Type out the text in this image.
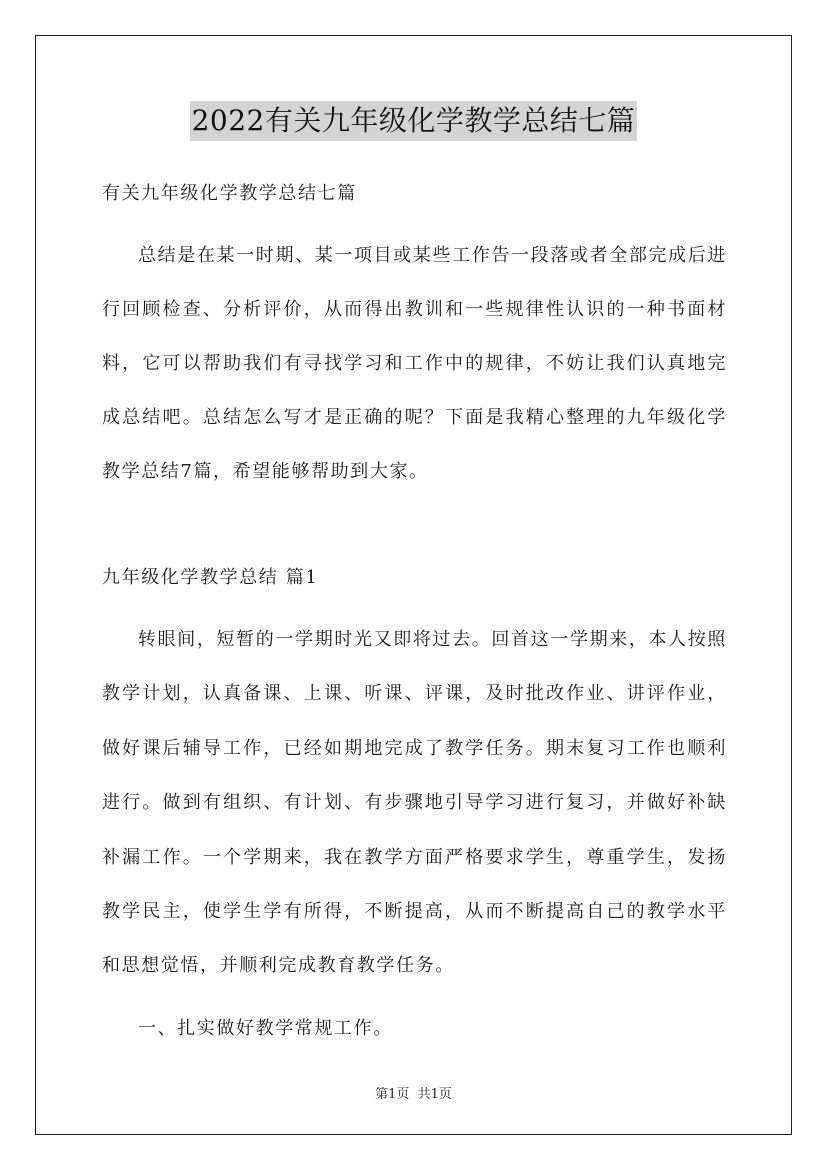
2022有关九年级化学教学总结七篇

有关九年级化学教学总结七篇

总结是在某一时期、某一项目或某些工作告一段落或者全部完成后进行回顾检查、分析评价，从而得出教训和一些规律性认识的一种书面材料，它可以帮助我们有寻找学习和工作中的规律，不妨让我们认真地完成总结吧。总结怎么写才是正确的呢？下面是我精心整理的九年级化学教学总结7篇，希望能够帮助到大家。

九年级化学教学总结 篇1

转眼间，短暂的一学期时光又即将过去。回首这一学期来，本人按照教学计划，认真备课、上课、听课、评课，及时批改作业、讲评作业，做好课后辅导工作，已经如期地完成了教学任务。期末复习工作也顺利进行。做到有组织、有计划、有步骤地引导学习进行复习，并做好补缺补漏工作。一个学期来，我在教学方面严格要求学生，尊重学生，发扬教学民主，使学生学有所得，不断提高，从而不断提高自己的教学水平和思想觉悟，并顺利完成教育教学任务。

一、扎实做好教学常规工作。

第1页 共1页
